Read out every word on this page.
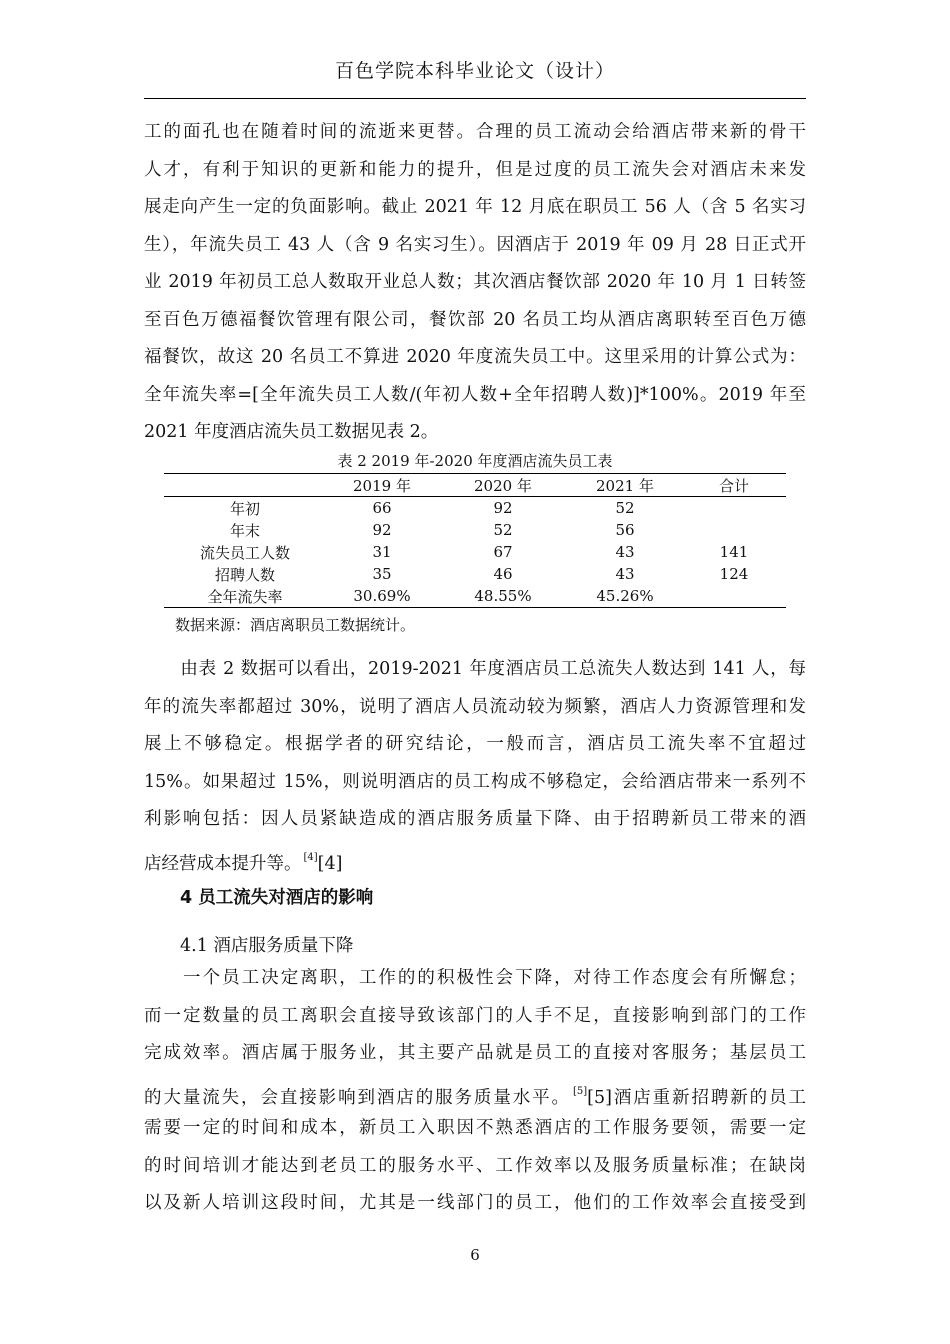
百色学院本科毕业论文（设计）
工的面孔也在随着时间的流逝来更替。合理的员工流动会给酒店带来新的骨干
人才，有利于知识的更新和能力的提升，但是过度的员工流失会对酒店未来发
展走向产生一定的负面影响。截止 2021 年 12 月底在职员工 56 人（含 5 名实习
生），年流失员工 43 人（含 9 名实习生）。因酒店于 2019 年 09 月 28 日正式开
业 2019 年初员工总人数取开业总人数；其次酒店餐饮部 2020 年 10 月 1 日转签
至百色万德福餐饮管理有限公司，餐饮部 20 名员工均从酒店离职转至百色万德
福餐饮，故这 20 名员工不算进 2020 年度流失员工中。这里采用的计算公式为：
全年流失率=[全年流失员工人数/(年初人数+全年招聘人数)]*100%。2019 年至
2021 年度酒店流失员工数据见表 2。
表 2 2019 年-2020 年度酒店流失员工表
	2019 年	2020 年	2021 年	合计
年初	66	92	52	
年末	92	52	56	
流失员工人数	31	67	43	141
招聘人数	35	46	43	124
全年流失率	30.69%	48.55%	45.26%	
数据来源：酒店离职员工数据统计。
　　由表 2 数据可以看出，2019-2021 年度酒店员工总流失人数达到 141 人，每
年的流失率都超过 30%，说明了酒店人员流动较为频繁，酒店人力资源管理和发
展上不够稳定。根据学者的研究结论，一般而言，酒店员工流失率不宜超过
15%。如果超过 15%，则说明酒店的员工构成不够稳定，会给酒店带来一系列不
利影响包括：因人员紧缺造成的酒店服务质量下降、由于招聘新员工带来的酒
店经营成本提升等。 [4][4]
4 员工流失对酒店的影响
4.1 酒店服务质量下降
　　一个员工决定离职，工作的的积极性会下降，对待工作态度会有所懈怠；
而一定数量的员工离职会直接导致该部门的人手不足，直接影响到部门的工作
完成效率。酒店属于服务业，其主要产品就是员工的直接对客服务；基层员工
的大量流失，会直接影响到酒店的服务质量水平。 [5][5]酒店重新招聘新的员工
需要一定的时间和成本，新员工入职因不熟悉酒店的工作服务要领，需要一定
的时间培训才能达到老员工的服务水平、工作效率以及服务质量标准；在缺岗
以及新人培训这段时间，尤其是一线部门的员工，他们的工作效率会直接受到
6
